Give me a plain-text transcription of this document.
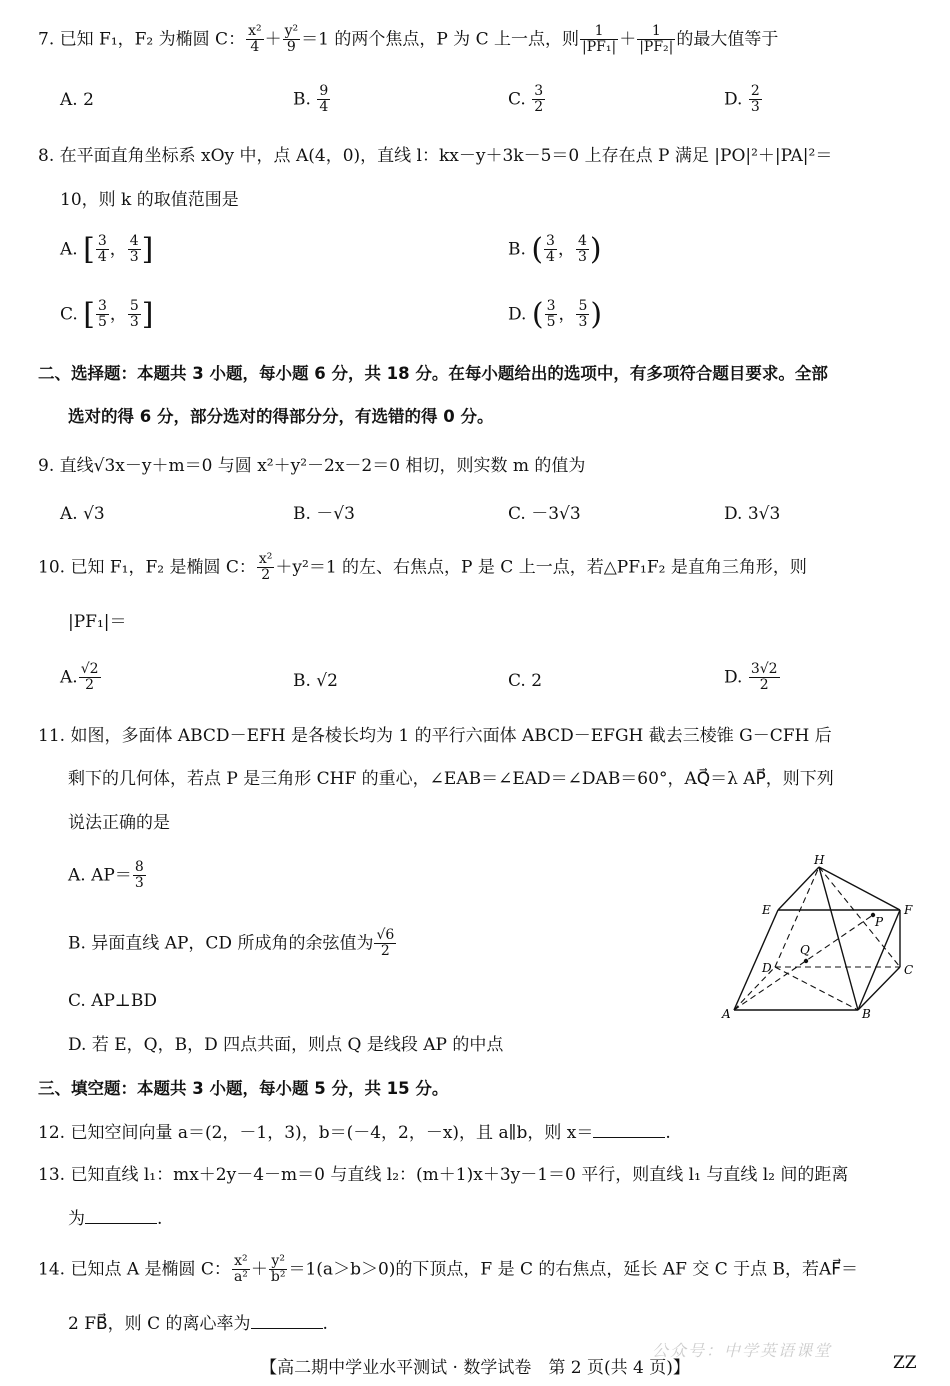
7. 已知 F₁，F₂ 为椭圆 C： $\frac{\text{x²}}{4} + \frac{\text{y²}}{9} =1$ 的两个焦点，P 为 C 上一点，则 $\frac{1}{\text{|PF₁|}} + \frac{1}{\text{|PF₂|}}$ 的最大值等于
A. 2	B. $\frac{9}{4}$	C. $\frac{3}{2}$	D. $\frac{2}{3}$
8. 在平面直角坐标系 xOy 中，点 A(4，0)，直线 l：kx－y＋3k－5＝0 上存在点 P 满足 |PO|²＋|PA|²＝
10，则 k 的取值范围是
A. [ $\frac{3}{4}$ ， $\frac{4}{3}$ ]	B. ( $\frac{3}{4}$ ， $\frac{4}{3}$ )
C. [ $\frac{3}{5}$ ， $\frac{5}{3}$ ]	D. ( $\frac{3}{5}$ ， $\frac{5}{3}$ )
二、选择题：本题共 3 小题，每小题 6 分，共 18 分。在每小题给出的选项中，有多项符合题目要求。全部
选对的得 6 分，部分选对的得部分分，有选错的得 0 分。
9. 直线√3x－y＋m＝0 与圆 x²＋y²－2x－2＝0 相切，则实数 m 的值为
A. √3	B. －√3	C. －3√3	D. 3√3
10. 已知 F₁，F₂ 是椭圆 C： $\frac{\text{x²}}{2} +y^2=1$ 的左、右焦点，P 是 C 上一点，若△PF₁F₂ 是直角三角形，则
|PF₁|＝
A. $\frac{√2}{2}$	B. √2	C. 2	D. $\frac{3√2}{2}$
11. 如图，多面体 ABCD－EFH 是各棱长均为 1 的平行六面体 ABCD－EFGH 截去三棱锥 G－CFH 后
剩下的几何体，若点 P 是三角形 CHF 的重心，∠EAB＝∠EAD＝∠DAB＝60°，AQ⃗＝λ AP⃗，则下列
说法正确的是
A. $AP= \frac{8}{3}$
B. 异面直线 AP，CD 所成角的余弦值为 $\frac{√6}{2}$
C. AP⊥BD
D. 若 E，Q，B，D 四点共面，则点 Q 是线段 AP 的中点
H
E	F
P
Q
D	C
A	B
三、填空题：本题共 3 小题，每小题 5 分，共 15 分。
12. 已知空间向量 a＝(2，－1，3)，b＝(－4，2，－x)，且 a∥b，则 x＝	.
13. 已知直线 l₁：mx＋2y－4－m＝0 与直线 l₂：(m＋1)x＋3y－1＝0 平行，则直线 l₁ 与直线 l₂ 间的距离
为	.
14. 已知点 A 是椭圆 C： $\frac{\text{x²}}{\text{a²}} + \frac{\text{y²}}{\text{b²}} =1(a>b>0)$的下顶点，F 是 C 的右焦点，延长 AF 交 C 于点 B，若AF⃗＝
2 FB⃗，则 C 的离心率为	.
公众号：中学英语课堂
【高二期中学业水平测试 · 数学试卷　第 2 页(共 4 页)】	ZZ
